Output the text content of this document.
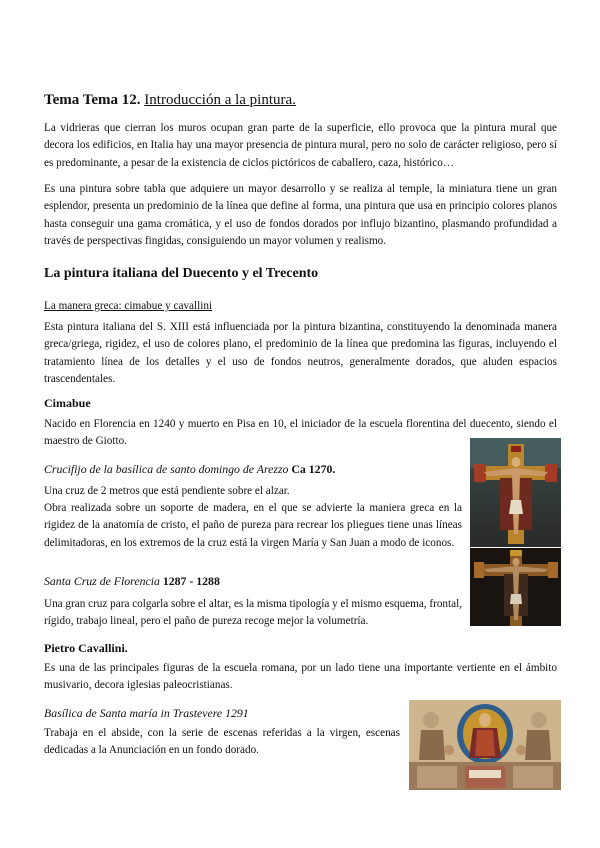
Tema Tema 12. Introducción a la pintura.

La vidrieras que cierran los muros ocupan gran parte de la superficie, ello provoca que la pintura mural que decora los edificios, en Italia hay una mayor presencia de pintura mural, pero no solo de carácter religioso, pero sí es predominante, a pesar de la existencia de ciclos pictóricos de caballero, caza, histórico…

Es una pintura sobre tabla que adquiere un mayor desarrollo y se realiza al temple, la miniatura tiene un gran esplendor, presenta un predominio de la línea que define al forma, una pintura que usa en principio colores planos hasta conseguir una gama cromática, y el uso de fondos dorados por influjo bizantino, plasmando profundidad a través de perspectivas fingidas, consiguiendo un mayor volumen y realismo.

La pintura italiana del Duecento y el Trecento
La manera greca: cimabue y cavallini

Esta pintura italiana del S. XIII está influenciada por la pintura bizantina, constituyendo la denominada manera greca/griega, rigidez, el uso de colores plano, el predominio de la línea que predomina las figuras, incluyendo el tratamiento línea de los detalles y el uso de fondos neutros, generalmente dorados, que aluden espacios trascendentales.

Cimabue

Nacido en Florencia en 1240 y muerto en Pisa en 10, el iniciador de la escuela florentina del duecento, siendo el maestro de Giotto.

Crucifijo de la basílica de santo domingo de Arezzo Ca 1270.

Una cruz de 2 metros que está pendiente sobre el alzar.

Obra realizada sobre un soporte de madera, en el que se advierte la maniera greca en la rigidez de la anatomía de cristo, el paño de pureza para recrear los pliegues tiene unas líneas delimitadoras, en los extremos de la cruz está la virgen María y San Juan a modo de iconos.

Santa Cruz de Florencia 1287 - 1288

Una gran cruz para colgarla sobre el altar, es la misma tipología y el mismo esquema, frontal, rígido, trabajo lineal, pero el paño de pureza recoge mejor la volumetría.

Pietro Cavallini.

Es una de las principales figuras de la escuela romana, por un lado tiene una importante vertiente en el ámbito musivario, decora iglesias paleocristianas.

Basílica de Santa maría in Trastevere 1291

Trabaja en el abside, con la serie de escenas referidas a la virgen, escenas dedicadas a la Anunciación en un fondo dorado.
